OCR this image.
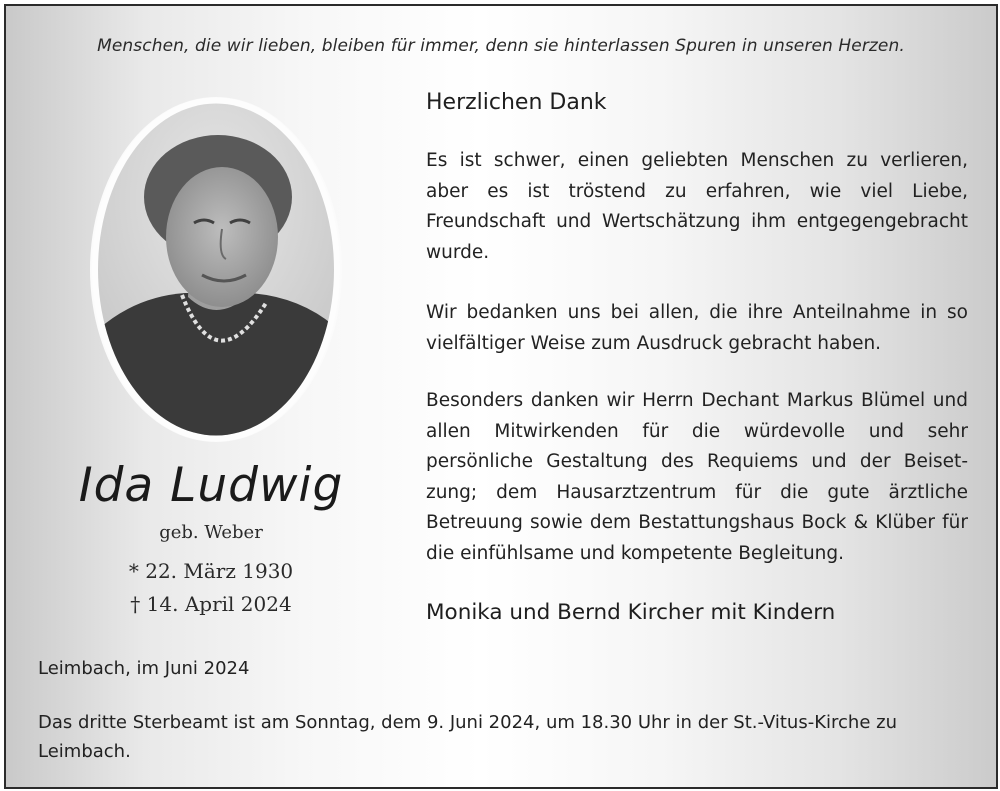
Menschen, die wir lieben, bleiben für immer, denn sie hinterlassen Spuren in unseren Herzen.
Ida Ludwig
geb. Weber
* 22. März 1930
† 14. April 2024
Herzlichen Dank
Es ist schwer, einen geliebten Menschen zu verlieren, aber es ist tröstend zu erfahren, wie viel Liebe, Freundschaft und Wertschätzung ihm entgegengebracht wurde.
Wir bedanken uns bei allen, die ihre Anteilnahme in so vielfältiger Weise zum Ausdruck gebracht haben.
Besonders danken wir Herrn Dechant Markus Blümel und allen Mitwirkenden für die würdevolle und sehr persönliche Gestaltung des Requiems und der Beisetzung; dem Hausarztzentrum für die gute ärztliche Betreuung sowie dem Bestattungshaus Bock & Klüber für die einfühlsame und kompetente Begleitung.
Monika und Bernd Kircher mit Kindern
Leimbach, im Juni 2024
Das dritte Sterbeamt ist am Sonntag, dem 9. Juni 2024, um 18.30 Uhr in der St.-Vitus-Kirche zu Leimbach.
